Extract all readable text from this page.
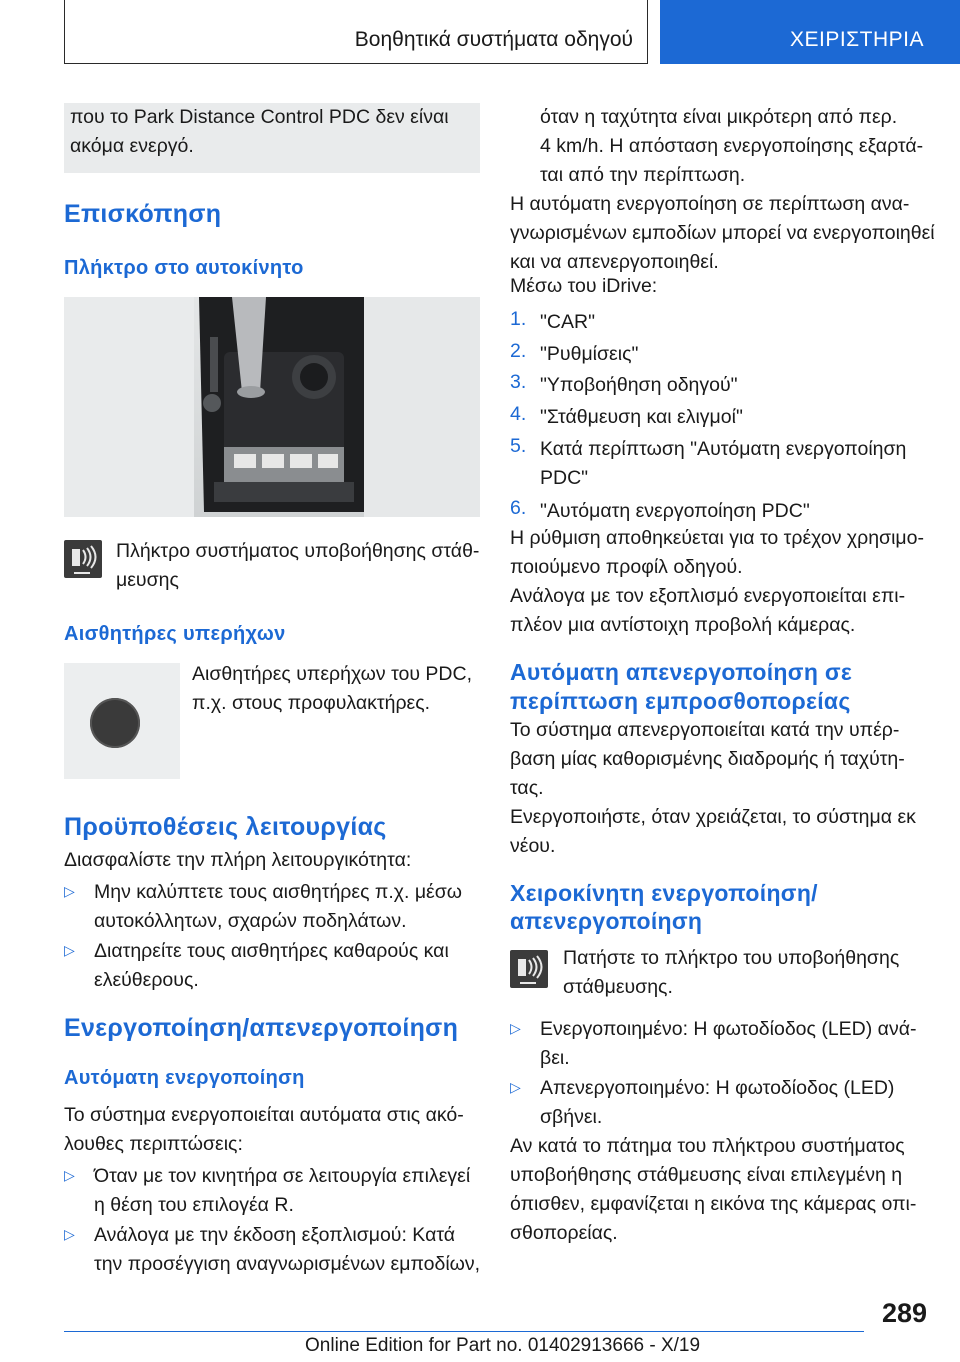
Βοηθητικά συστήματα οδηγού	ΧΕΙΡΙΣΤΗΡΙΑ
που το Park Distance Control PDC δεν είναι
ακόμα ενεργό.
Επισκόπηση
Πλήκτρο στο αυτοκίνητο
Πλήκτρο συστήματος υποβοήθησης στάθ-
μευσης
Αισθητήρες υπερήχων
Αισθητήρες υπερήχων του PDC,
π.χ. στους προφυλακτήρες.
Προϋποθέσεις λειτουργίας
Διασφαλίστε την πλήρη λειτουργικότητα:
▷ Μην καλύπτετε τους αισθητήρες π.χ. μέσω
αυτοκόλλητων, σχαρών ποδηλάτων.
▷ Διατηρείτε τους αισθητήρες καθαρούς και
ελεύθερους.
Ενεργοποίηση/απενεργοποίηση
Αυτόματη ενεργοποίηση
Το σύστημα ενεργοποιείται αυτόματα στις ακό-
λουθες περιπτώσεις:
▷ Όταν με τον κινητήρα σε λειτουργία επιλεγεί
η θέση του επιλογέα R.
▷ Ανάλογα με την έκδοση εξοπλισμού: Κατά
την προσέγγιση αναγνωρισμένων εμποδίων,
όταν η ταχύτητα είναι μικρότερη από περ.
4 km/h. Η απόσταση ενεργοποίησης εξαρτά-
ται από την περίπτωση.
Η αυτόματη ενεργοποίηση σε περίπτωση ανα-
γνωρισμένων εμποδίων μπορεί να ενεργοποιηθεί
και να απενεργοποιηθεί.
Μέσω του iDrive:
1. "CAR"
2. "Ρυθμίσεις"
3. "Υποβοήθηση οδηγού"
4. "Στάθμευση και ελιγμοί"
5. Κατά περίπτωση "Αυτόματη ενεργοποίηση
PDC"
6. "Αυτόματη ενεργοποίηση PDC"
Η ρύθμιση αποθηκεύεται για το τρέχον χρησιμο-
ποιούμενο προφίλ οδηγού.
Ανάλογα με τον εξοπλισμό ενεργοποιείται επι-
πλέον μια αντίστοιχη προβολή κάμερας.
Αυτόματη απενεργοποίηση σε
περίπτωση εμπροσθοπορείας
Το σύστημα απενεργοποιείται κατά την υπέρ-
βαση μίας καθορισμένης διαδρομής ή ταχύτη-
τας.
Ενεργοποιήστε, όταν χρειάζεται, το σύστημα εκ
νέου.
Χειροκίνητη ενεργοποίηση/
απενεργοποίηση
Πατήστε το πλήκτρο του υποβοήθησης
στάθμευσης.
▷ Ενεργοποιημένο: Η φωτοδίοδος (LED) ανά-
βει.
▷ Απενεργοποιημένο: Η φωτοδίοδος (LED)
σβήνει.
Αν κατά το πάτημα του πλήκτρου συστήματος
υποβοήθησης στάθμευσης είναι επιλεγμένη η
όπισθεν, εμφανίζεται η εικόνα της κάμερας οπι-
σθοπορείας.
289
Online Edition for Part no. 01402913666 - X/19
